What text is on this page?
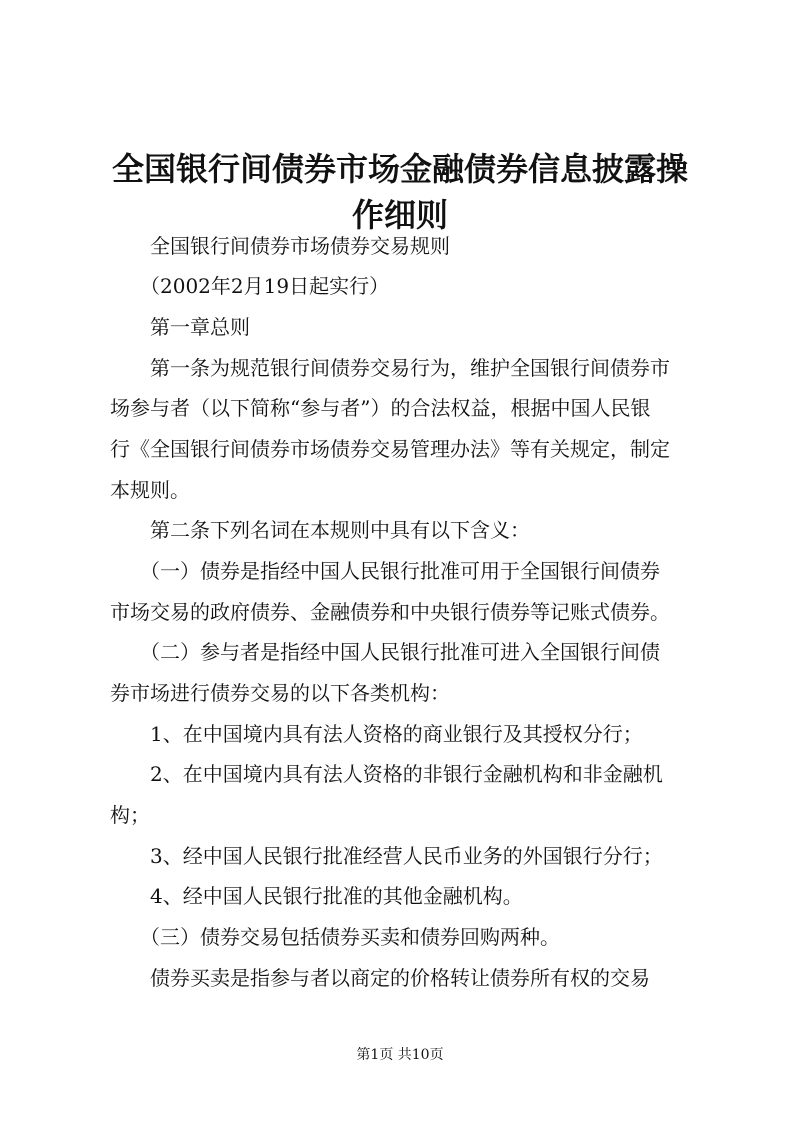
全国银行间债券市场金融债券信息披露操作细则

　　全国银行间债券市场债券交易规则

　　（2002年2月19日起实行）

　　第一章总则

　　第一条为规范银行间债券交易行为，维护全国银行间债券市

场参与者（以下简称“参与者”）的合法权益，根据中国人民银

行《全国银行间债券市场债券交易管理办法》等有关规定，制定

本规则。

　　第二条下列名词在本规则中具有以下含义：

　　（一）债券是指经中国人民银行批准可用于全国银行间债券

市场交易的政府债券、金融债券和中央银行债券等记账式债券。

　　（二）参与者是指经中国人民银行批准可进入全国银行间债

券市场进行债券交易的以下各类机构：

　　1、在中国境内具有法人资格的商业银行及其授权分行；

　　2、在中国境内具有法人资格的非银行金融机构和非金融机

构；

　　3、经中国人民银行批准经营人民币业务的外国银行分行；

　　4、经中国人民银行批准的其他金融机构。

　　（三）债券交易包括债券买卖和债券回购两种。

　　债券买卖是指参与者以商定的价格转让债券所有权的交易

第1页 共10页
